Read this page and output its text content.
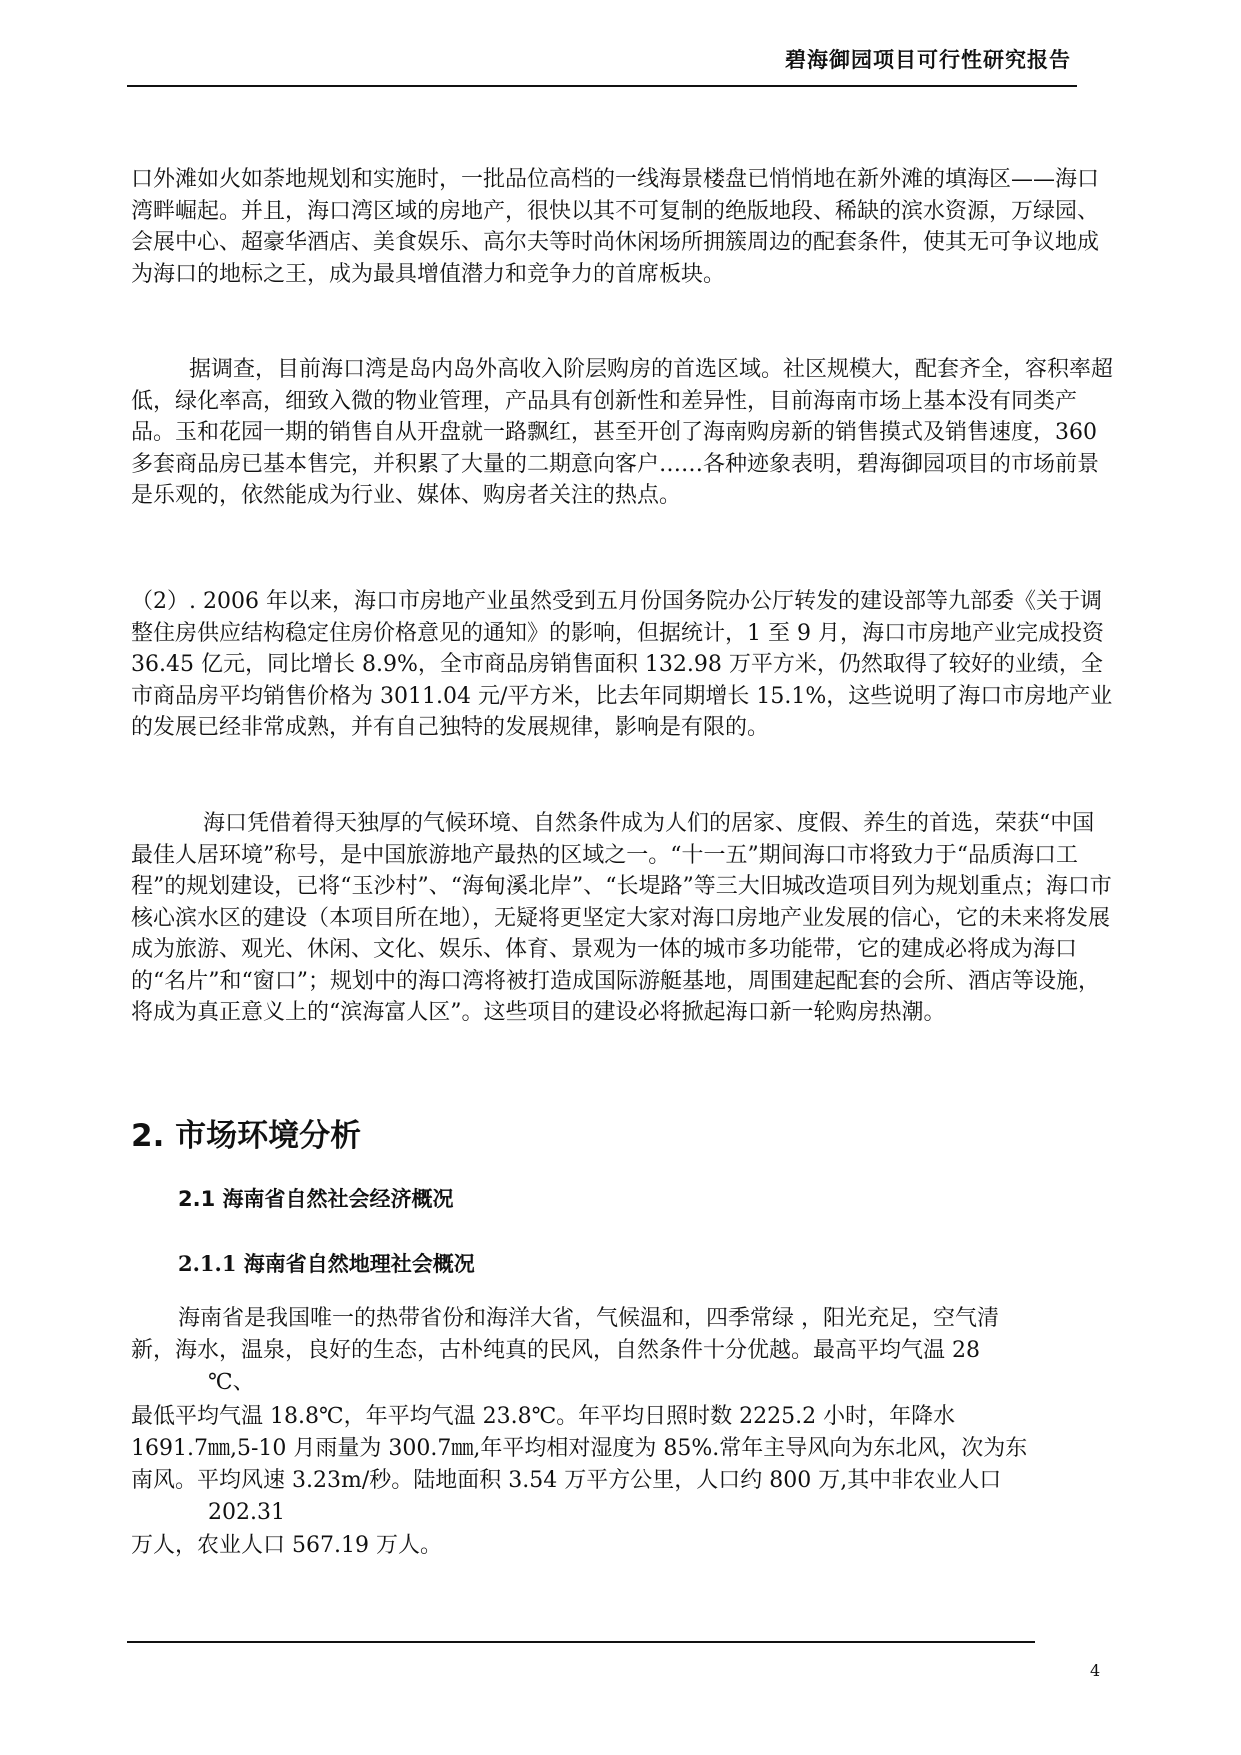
碧海御园项目可行性研究报告

口外滩如火如荼地规划和实施时，一批品位高档的一线海景楼盘已悄悄地在新外滩的填海区——海口湾畔崛起。并且，海口湾区域的房地产，很快以其不可复制的绝版地段、稀缺的滨水资源，万绿园、会展中心、超豪华酒店、美食娱乐、高尔夫等时尚休闲场所拥簇周边的配套条件，使其无可争议地成为海口的地标之王，成为最具增值潜力和竞争力的首席板块。

据调查，目前海口湾是岛内岛外高收入阶层购房的首选区域。社区规模大，配套齐全，容积率超低，绿化率高，细致入微的物业管理，产品具有创新性和差异性，目前海南市场上基本没有同类产品。玉和花园一期的销售自从开盘就一路飘红，甚至开创了海南购房新的销售摸式及销售速度，360 多套商品房已基本售完，并积累了大量的二期意向客户……各种迹象表明，碧海御园项目的市场前景是乐观的，依然能成为行业、媒体、购房者关注的热点。

（2）. 2006 年以来，海口市房地产业虽然受到五月份国务院办公厅转发的建设部等九部委《关于调整住房供应结构稳定住房价格意见的通知》的影响，但据统计，1 至 9 月，海口市房地产业完成投资 36.45 亿元，同比增长 8.9%，全市商品房销售面积 132.98 万平方米，仍然取得了较好的业绩，全市商品房平均销售价格为 3011.04 元/平方米，比去年同期增长 15.1%，这些说明了海口市房地产业的发展已经非常成熟，并有自己独特的发展规律，影响是有限的。

海口凭借着得天独厚的气候环境、自然条件成为人们的居家、度假、养生的首选，荣获“中国最佳人居环境”称号，是中国旅游地产最热的区域之一。“十一五”期间海口市将致力于“品质海口工程”的规划建设，已将“玉沙村”、“海甸溪北岸”、“长堤路”等三大旧城改造项目列为规划重点；海口市核心滨水区的建设（本项目所在地），无疑将更坚定大家对海口房地产业发展的信心，它的未来将发展成为旅游、观光、休闲、文化、娱乐、体育、景观为一体的城市多功能带，它的建成必将成为海口的“名片”和“窗口”；规划中的海口湾将被打造成国际游艇基地，周围建起配套的会所、酒店等设施，将成为真正意义上的“滨海富人区”。这些项目的建设必将掀起海口新一轮购房热潮。

2. 市场环境分析
2.1 海南省自然社会经济概况
2.1.1 海南省自然地理社会概况
海南省是我国唯一的热带省份和海洋大省，气候温和，四季常绿 ，阳光充足，空气清
新，海水，温泉，良好的生态，古朴纯真的民风，自然条件十分优越。最高平均气温 28
℃、
最低平均气温 18.8℃，年平均气温 23.8℃。年平均日照时数 2225.2 小时，年降水
1691.7㎜,5-10 月雨量为 300.7㎜,年平均相对湿度为 85%.常年主导风向为东北风，次为东
南风。平均风速 3.23m/秒。陆地面积 3.54 万平方公里，人口约 800 万,其中非农业人口
202.31
万人，农业人口 567.19 万人。
4
